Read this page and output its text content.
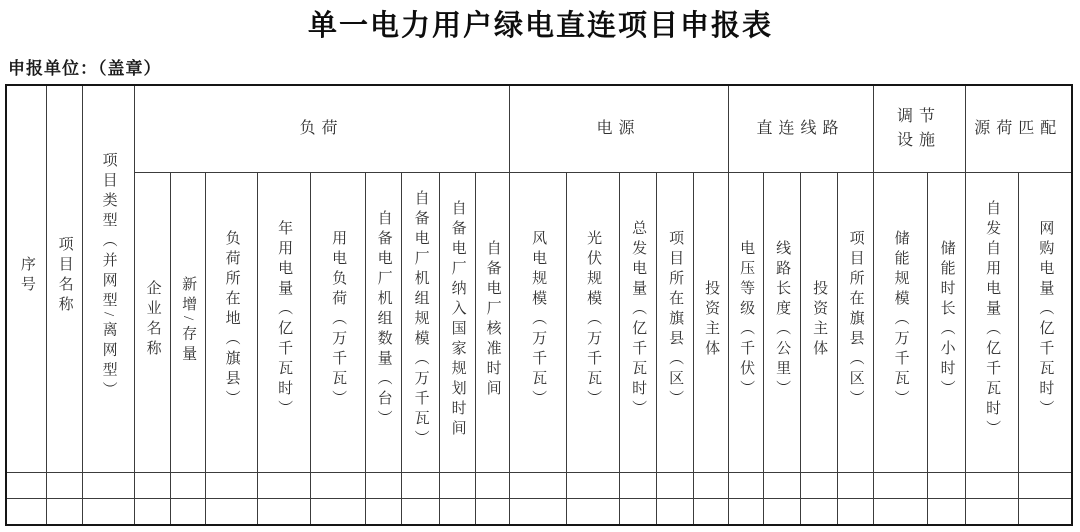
单一电力用户绿电直连项目申报表
申报单位：（盖章）
序号	项目名称	项目类型（并网型/离网型）	负荷									电源					直连线路				调节设施		源荷匹配	
			企业名称	新增/存量	负荷所在地（旗县）	年用电量（亿千瓦时）	用电负荷（万千瓦）	自备电厂机组数量（台）	自备电厂机组规模（万千瓦）	自备电厂纳入国家规划时间	自备电厂核准时间	风电规模（万千瓦）	光伏规模（万千瓦）	总发电量（亿千瓦时）	项目所在旗县（区）	投资主体	电压等级（千伏）	线路长度（公里）	投资主体	项目所在旗县（区）	储能规模（万千瓦）	储能时长（小时）	自发自用电量（亿千瓦时）	网购电量（亿千瓦时）
